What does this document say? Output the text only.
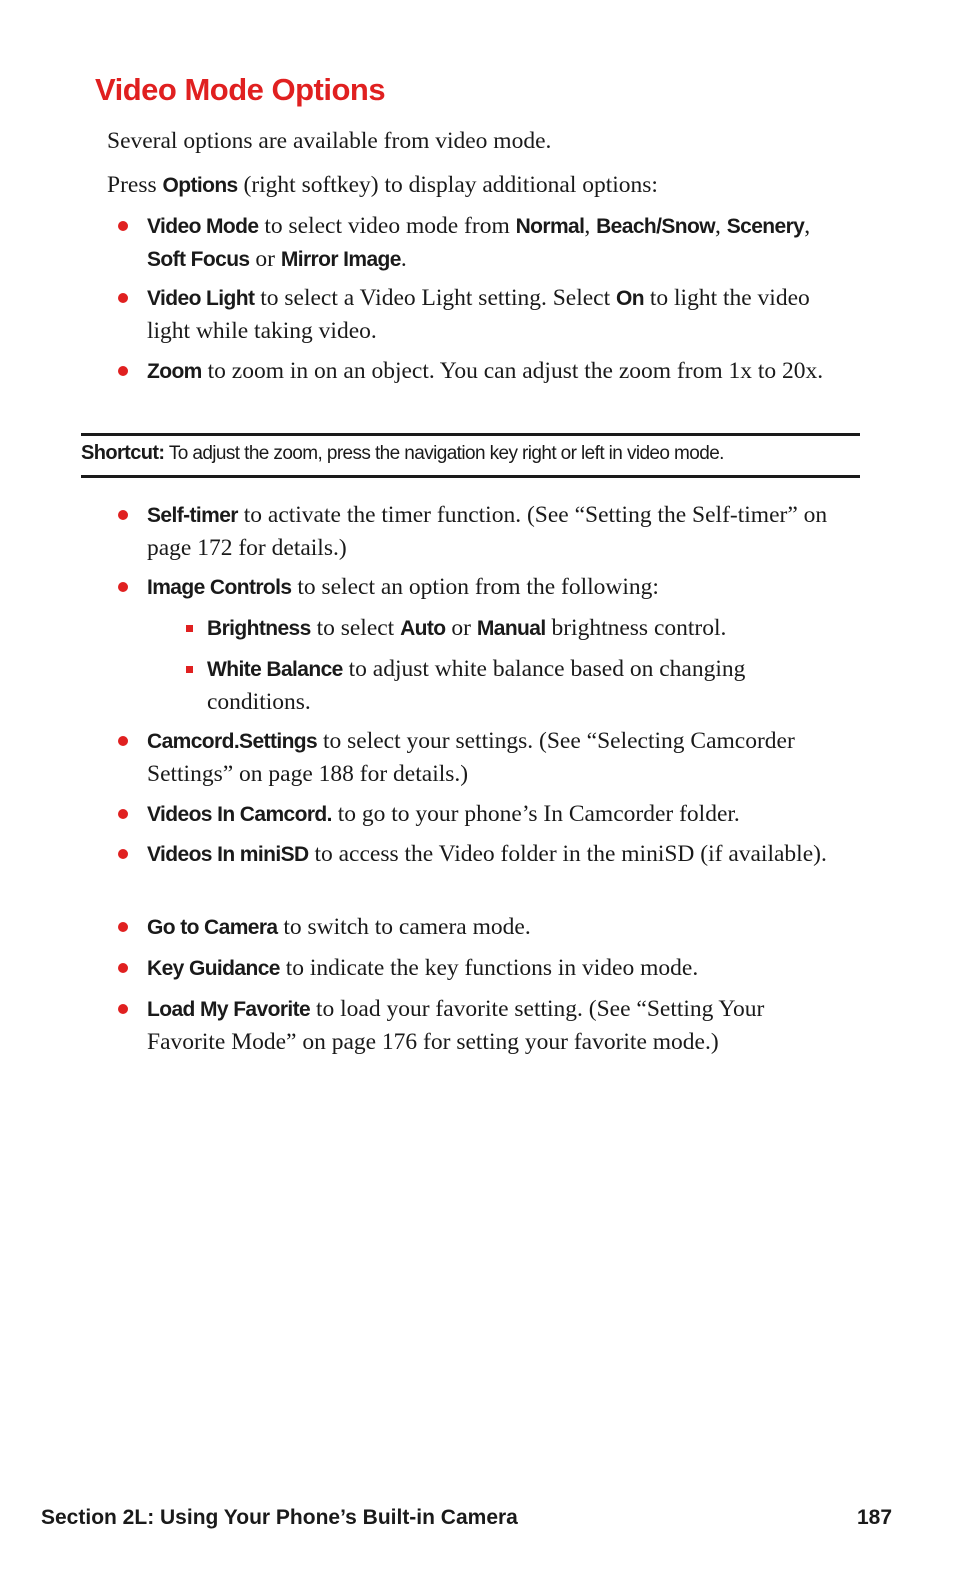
Video Mode Options

Several options are available from video mode.

Press Options (right softkey) to display additional options:

Video Mode to select video mode from Normal, Beach/Snow, Scenery, Soft Focus or Mirror Image.
Video Light to select a Video Light setting. Select On to light the video light while taking video.
Zoom to zoom in on an object. You can adjust the zoom from 1x to 20x.
Shortcut: To adjust the zoom, press the navigation key right or left in video mode.
Self-timer to activate the timer function. (See “Setting the Self-timer” on page 172 for details.)
Image Controls to select an option from the following:
Brightness to select Auto or Manual brightness control.
White Balance to adjust white balance based on changing conditions.
Camcord.Settings to select your settings. (See “Selecting Camcorder Settings” on page 188 for details.)
Videos In Camcord. to go to your phone’s In Camcorder folder.
Videos In miniSD to access the Video folder in the miniSD (if available).
Go to Camera to switch to camera mode.
Key Guidance to indicate the key functions in video mode.
Load My Favorite to load your favorite setting. (See “Setting Your Favorite Mode” on page 176 for setting your favorite mode.)
Section 2L: Using Your Phone’s Built-in Camera	187
